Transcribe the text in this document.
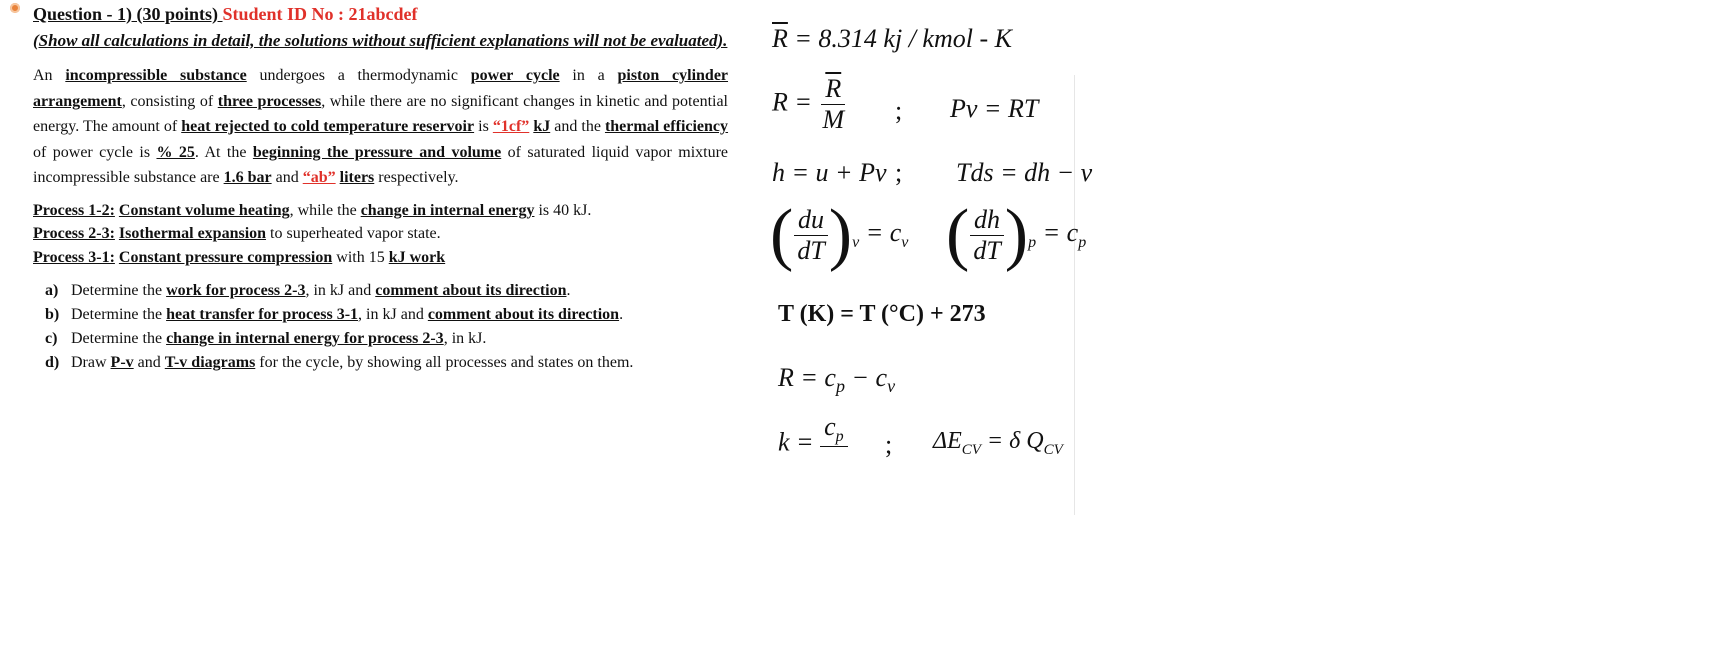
Question - 1) (30 points) Student ID No : 21abcdef
(Show all calculations in detail, the solutions without sufficient explanations will not be evaluated).
An incompressible substance undergoes a thermodynamic power cycle in a piston cylinder arrangement, consisting of three processes, while there are no significant changes in kinetic and potential energy. The amount of heat rejected to cold temperature reservoir is “1cf” kJ and the thermal efficiency of power cycle is % 25. At the beginning the pressure and volume of saturated liquid vapor mixture incompressible substance are 1.6 bar and “ab” liters respectively.
Process 1-2: Constant volume heating, while the change in internal energy is 40 kJ.
Process 2-3: Isothermal expansion to superheated vapor state.
Process 3-1: Constant pressure compression with 15 kJ work
a) Determine the work for process 2-3, in kJ and comment about its direction.
b) Determine the heat transfer for process 3-1, in kJ and comment about its direction.
c) Determine the change in internal energy for process 2-3, in kJ.
d) Draw P-v and T-v diagrams for the cycle, by showing all processes and states on them.
$\overline{R} = 8.314$ kj / kmol - K
$R = \frac{\overline{R}}{M}$ ; Pv = RT
h = u + Pv ; Tds = dh − v
( $\frac{du}{dT} )_v = c_v$ ( $\frac{dh}{dT} )_p = c_p$
T (K) = T (°C) + 273
$R = c_p - c_v$
k =
$c_p$
; $\Delta E_{CV} = \delta$ $Q_{CV}$
